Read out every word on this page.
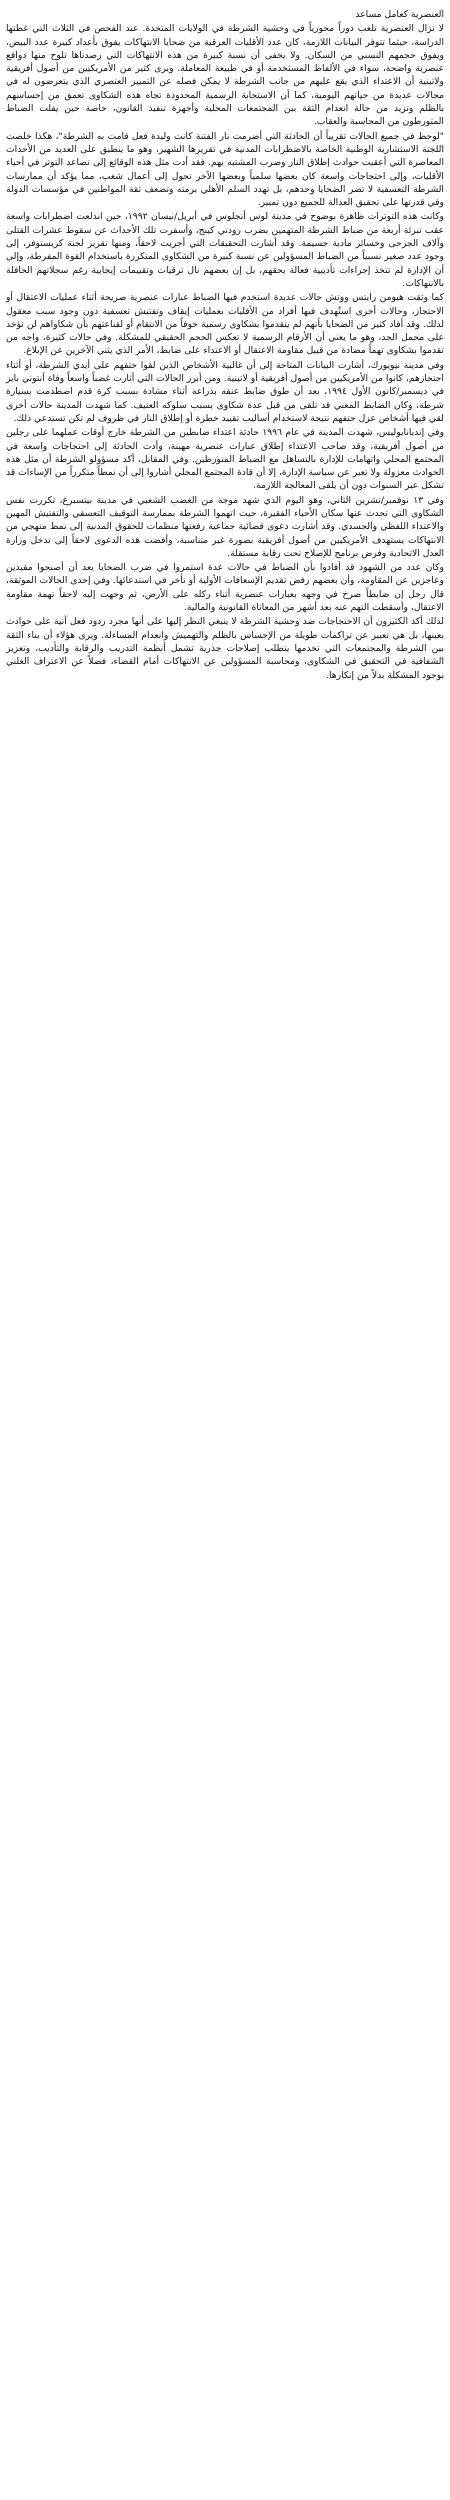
العنصرية كعامل مساعد

لا تزال العنصرية تلعب دوراً محورياً في وحشية الشرطة في الولايات المتحدة. عند الفحص في الثلاث التي غطتها الدراسة، حيثما تتوفر البيانات اللازمة، كان عدد الأقليات العرقية من ضحايا الانتهاكات يفوق بأعداد كبيرة عدد البيض، ويفوق حجمهم النسبي من السكان. ولا يخفى أن نسبة كبيرة من هذه الانتهاكات التي رصدناها تلوح منها دوافع عنصرية واضحة، سواء في الألفاظ المستخدمة أو في طبيعة المعاملة. ويرى كثير من الأمريكيين من أصول أفريقية ولاتينية أن الاعتداء الذي يقع عليهم من جانب الشرطة لا يمكن فصله عن التمييز العنصري الذي يتعرضون له في مجالات عديدة من حياتهم اليومية، كما أن الاستجابة الرسمية المحدودة تجاه هذه الشكاوى تعمق من إحساسهم بالظلم وتزيد من حالة انعدام الثقة بين المجتمعات المحلية وأجهزة تنفيذ القانون، خاصة حين يفلت الضباط المتورطون من المحاسبة والعقاب.

"لوحظ في جميع الحالات تقريباً أن الحادثة التي أضرمت نار الفتنة كانت وليدة فعل قامت به الشرطة"، هكذا خلصت اللجنة الاستشارية الوطنية الخاصة بالاضطرابات المدنية في تقريرها الشهير، وهو ما ينطبق على العديد من الأحداث المعاصرة التي أعقبت حوادث إطلاق النار وضرب المشتبه بهم. فقد أدت مثل هذه الوقائع إلى تصاعد التوتر في أحياء الأقليات، وإلى احتجاجات واسعة كان بعضها سلمياً وبعضها الآخر تحول إلى أعمال شغب، مما يؤكد أن ممارسات الشرطة التعسفية لا تضر الضحايا وحدهم، بل تهدد السلم الأهلي برمته وتضعف ثقة المواطنين في مؤسسات الدولة وفي قدرتها على تحقيق العدالة للجميع دون تمييز.

وكانت هذه التوترات ظاهرة بوضوح في مدينة لوس أنجلوس في أبريل/نيسان ١٩٩٢، حين اندلعت اضطرابات واسعة عقب تبرئة أربعة من ضباط الشرطة المتهمين بضرب رودني كينج، وأسفرت تلك الأحداث عن سقوط عشرات القتلى وآلاف الجرحى وخسائر مادية جسيمة. وقد أشارت التحقيقات التي أجريت لاحقاً، ومنها تقرير لجنة كريستوفر، إلى وجود عدد صغير نسبياً من الضباط المسؤولين عن نسبة كبيرة من الشكاوى المتكررة باستخدام القوة المفرطة، وإلى أن الإدارة لم تتخذ إجراءات تأديبية فعالة بحقهم، بل إن بعضهم نال ترقيات وتقييمات إيجابية رغم سجلاتهم الحافلة بالانتهاكات.

كما وثقت هيومن رايتس ووتش حالات عديدة استخدم فيها الضباط عبارات عنصرية صريحة أثناء عمليات الاعتقال أو الاحتجاز، وحالات أخرى استُهدف فيها أفراد من الأقليات بعمليات إيقاف وتفتيش تعسفية دون وجود سبب معقول لذلك. وقد أفاد كثير من الضحايا بأنهم لم يتقدموا بشكاوى رسمية خوفاً من الانتقام أو لقناعتهم بأن شكاواهم لن تؤخذ على محمل الجد، وهو ما يعني أن الأرقام الرسمية لا تعكس الحجم الحقيقي للمشكلة. وفي حالات كثيرة، واجه من تقدموا بشكاوى تهماً مضادة من قبيل مقاومة الاعتقال أو الاعتداء على ضابط، الأمر الذي يثني الآخرين عن الإبلاغ.

وفي مدينة نيويورك، أشارت البيانات المتاحة إلى أن غالبية الأشخاص الذين لقوا حتفهم على أيدي الشرطة، أو أثناء احتجازهم، كانوا من الأمريكيين من أصول أفريقية أو لاتينية. ومن أبرز الحالات التي أثارت غضباً واسعاً وفاة أنتوني بايز في ديسمبر/كانون الأول ١٩٩٤، بعد أن طوق ضابط عنقه بذراعه أثناء مشادة بسبب كرة قدم اصطدمت بسيارة شرطة، وكان الضابط المعني قد تلقى من قبل عدة شكاوى بسبب سلوكه العنيف. كما شهدت المدينة حالات أخرى لقي فيها أشخاص عزل حتفهم نتيجة لاستخدام أساليب تقييد خطرة أو إطلاق النار في ظروف لم تكن تستدعي ذلك.

وفي إنديانابوليس، شهدت المدينة في عام ١٩٩٦ حادثة اعتداء ضابطين من الشرطة خارج أوقات عملهما على رجلين من أصول أفريقية، وقد صاحب الاعتداء إطلاق عبارات عنصرية مهينة، وأدت الحادثة إلى احتجاجات واسعة في المجتمع المحلي واتهامات للإدارة بالتساهل مع الضباط المتورطين. وفي المقابل، أكد مسؤولو الشرطة أن مثل هذه الحوادث معزولة ولا تعبر عن سياسة الإدارة، إلا أن قادة المجتمع المحلي أشاروا إلى أن نمطاً متكرراً من الإساءات قد تشكل عبر السنوات دون أن يلقى المعالجة اللازمة.

وفي ١٣ نوفمبر/تشرين الثاني، وهو اليوم الذي شهد موجة من الغضب الشعبي في مدينة بيتسبرغ، تكررت نفس الشكاوى التي تحدث عنها سكان الأحياء الفقيرة، حيث اتهموا الشرطة بممارسة التوقيف التعسفي والتفتيش المهين والاعتداء اللفظي والجسدي. وقد أشارت دعوى قضائية جماعية رفعتها منظمات للحقوق المدنية إلى نمط منهجي من الانتهاكات يستهدف الأمريكيين من أصول أفريقية بصورة غير متناسبة، وأفضت هذه الدعوى لاحقاً إلى تدخل وزارة العدل الاتحادية وفرض برنامج للإصلاح تحت رقابة مستقلة.

وكان عدد من الشهود قد أفادوا بأن الضباط في حالات عدة استمروا في ضرب الضحايا بعد أن أصبحوا مقيدين وعاجزين عن المقاومة، وأن بعضهم رفض تقديم الإسعافات الأولية أو تأخر في استدعائها. وفي إحدى الحالات الموثقة، قال رجل إن ضابطاً صرخ في وجهه بعبارات عنصرية أثناء ركله على الأرض، ثم وجهت إليه لاحقاً تهمة مقاومة الاعتقال، وأسقطت التهم عنه بعد أشهر من المعاناة القانونية والمالية.

لذلك أكد الكثيرون أن الاحتجاجات ضد وحشية الشرطة لا ينبغي النظر إليها على أنها مجرد ردود فعل آنية على حوادث بعينها، بل هي تعبير عن تراكمات طويلة من الإحساس بالظلم والتهميش وانعدام المساءلة. ويرى هؤلاء أن بناء الثقة بين الشرطة والمجتمعات التي تخدمها يتطلب إصلاحات جذرية تشمل أنظمة التدريب والرقابة والتأديب، وتعزيز الشفافية في التحقيق في الشكاوى، ومحاسبة المسؤولين عن الانتهاكات أمام القضاء، فضلاً عن الاعتراف العلني بوجود المشكلة بدلاً من إنكارها.
